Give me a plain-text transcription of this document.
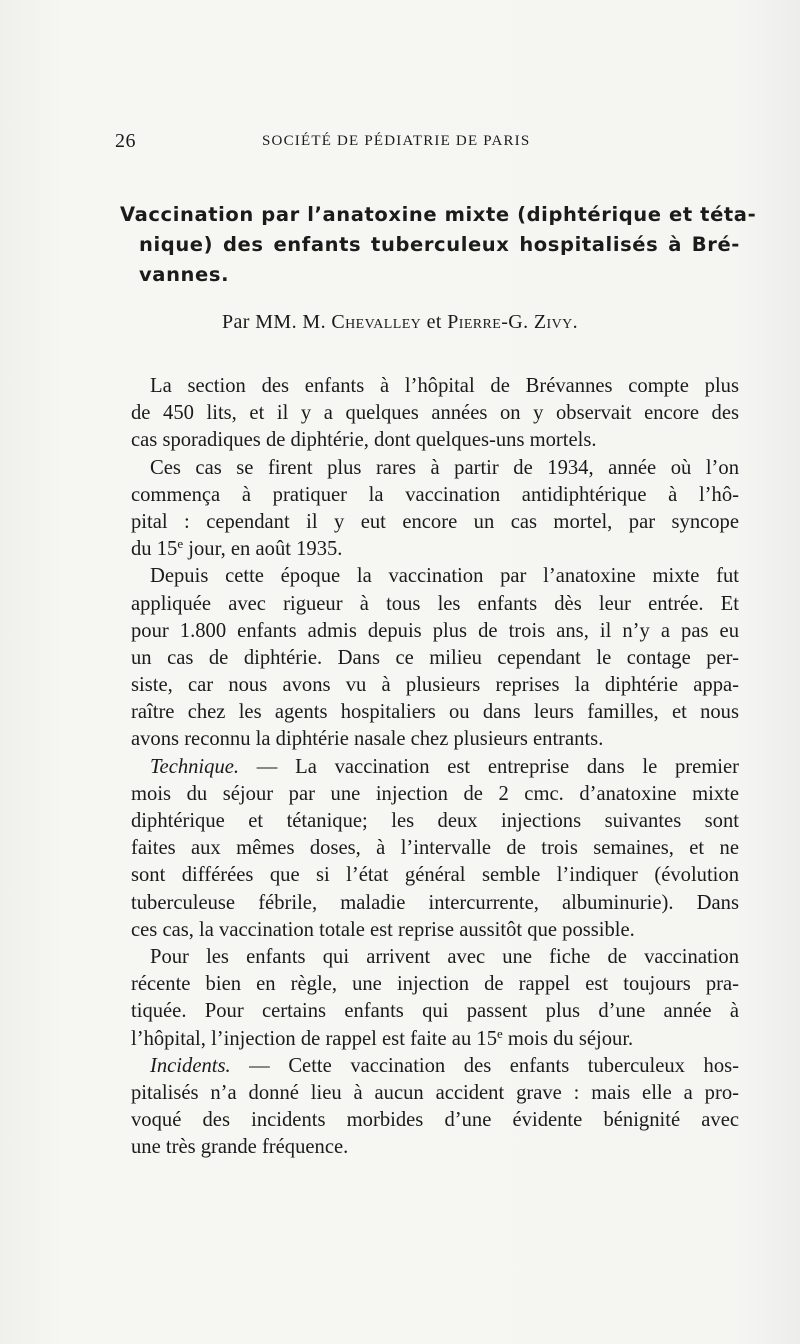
26	SOCIÉTÉ DE PÉDIATRIE DE PARIS
Vaccination par l’anatoxine mixte (diphtérique et téta-
nique) des enfants tuberculeux hospitalisés à Bré-
vannes.
Par MM. M. Chevalley et Pierre-G. Zivy.
La section des enfants à l’hôpital de Brévannes compte plus
de 450 lits, et il y a quelques années on y observait encore des
cas sporadiques de diphtérie, dont quelques-uns mortels.
Ces cas se firent plus rares à partir de 1934, année où l’on
commença à pratiquer la vaccination antidiphtérique à l’hô-
pital : cependant il y eut encore un cas mortel, par syncope
du 15e jour, en août 1935.
Depuis cette époque la vaccination par l’anatoxine mixte fut
appliquée avec rigueur à tous les enfants dès leur entrée. Et
pour 1.800 enfants admis depuis plus de trois ans, il n’y a pas eu
un cas de diphtérie. Dans ce milieu cependant le contage per-
siste, car nous avons vu à plusieurs reprises la diphtérie appa-
raître chez les agents hospitaliers ou dans leurs familles, et nous
avons reconnu la diphtérie nasale chez plusieurs entrants.
Technique. — La vaccination est entreprise dans le premier
mois du séjour par une injection de 2 cmc. d’anatoxine mixte
diphtérique et tétanique; les deux injections suivantes sont
faites aux mêmes doses, à l’intervalle de trois semaines, et ne
sont différées que si l’état général semble l’indiquer (évolution
tuberculeuse fébrile, maladie intercurrente, albuminurie). Dans
ces cas, la vaccination totale est reprise aussitôt que possible.
Pour les enfants qui arrivent avec une fiche de vaccination
récente bien en règle, une injection de rappel est toujours pra-
tiquée. Pour certains enfants qui passent plus d’une année à
l’hôpital, l’injection de rappel est faite au 15e mois du séjour.
Incidents. — Cette vaccination des enfants tuberculeux hos-
pitalisés n’a donné lieu à aucun accident grave : mais elle a pro-
voqué des incidents morbides d’une évidente bénignité avec
une très grande fréquence.
